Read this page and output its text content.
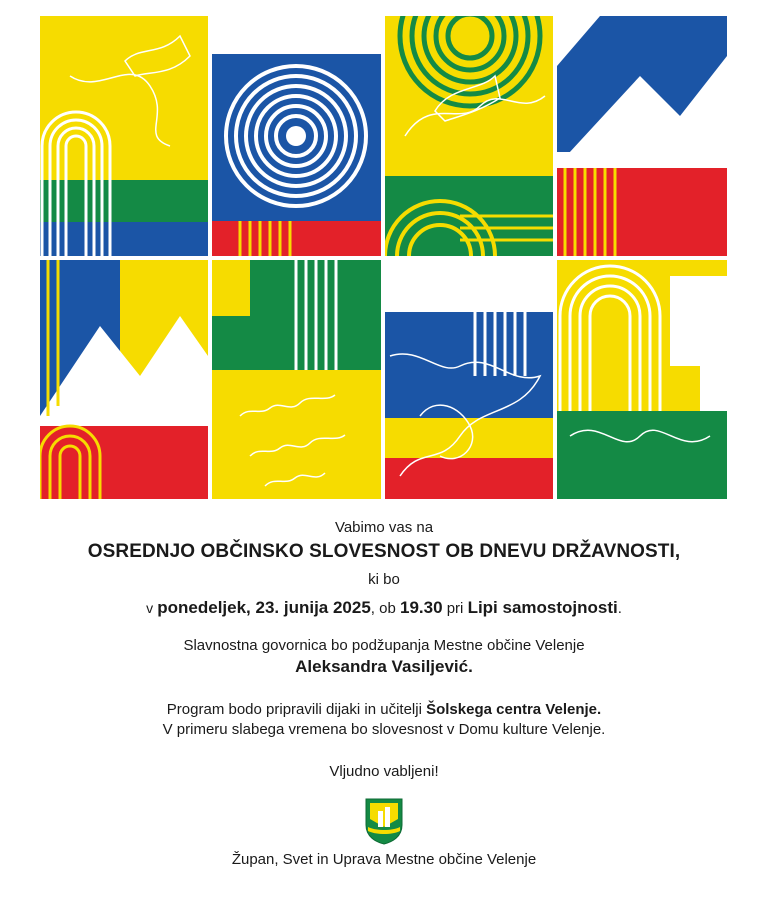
Vabimo vas na
OSREDNJO OBČINSKO SLOVESNOST OB DNEVU DRŽAVNOSTI,
ki bo
v ponedeljek, 23. junija 2025, ob 19.30 pri Lipi samostojnosti.
Slavnostna govornica bo podžupanja Mestne občine Velenje
Aleksandra Vasiljević.
Program bodo pripravili dijaki in učitelji Šolskega centra Velenje.
V primeru slabega vremena bo slovesnost v Domu kulture Velenje.
Vljudno vabljeni!
Župan, Svet in Uprava Mestne občine Velenje
